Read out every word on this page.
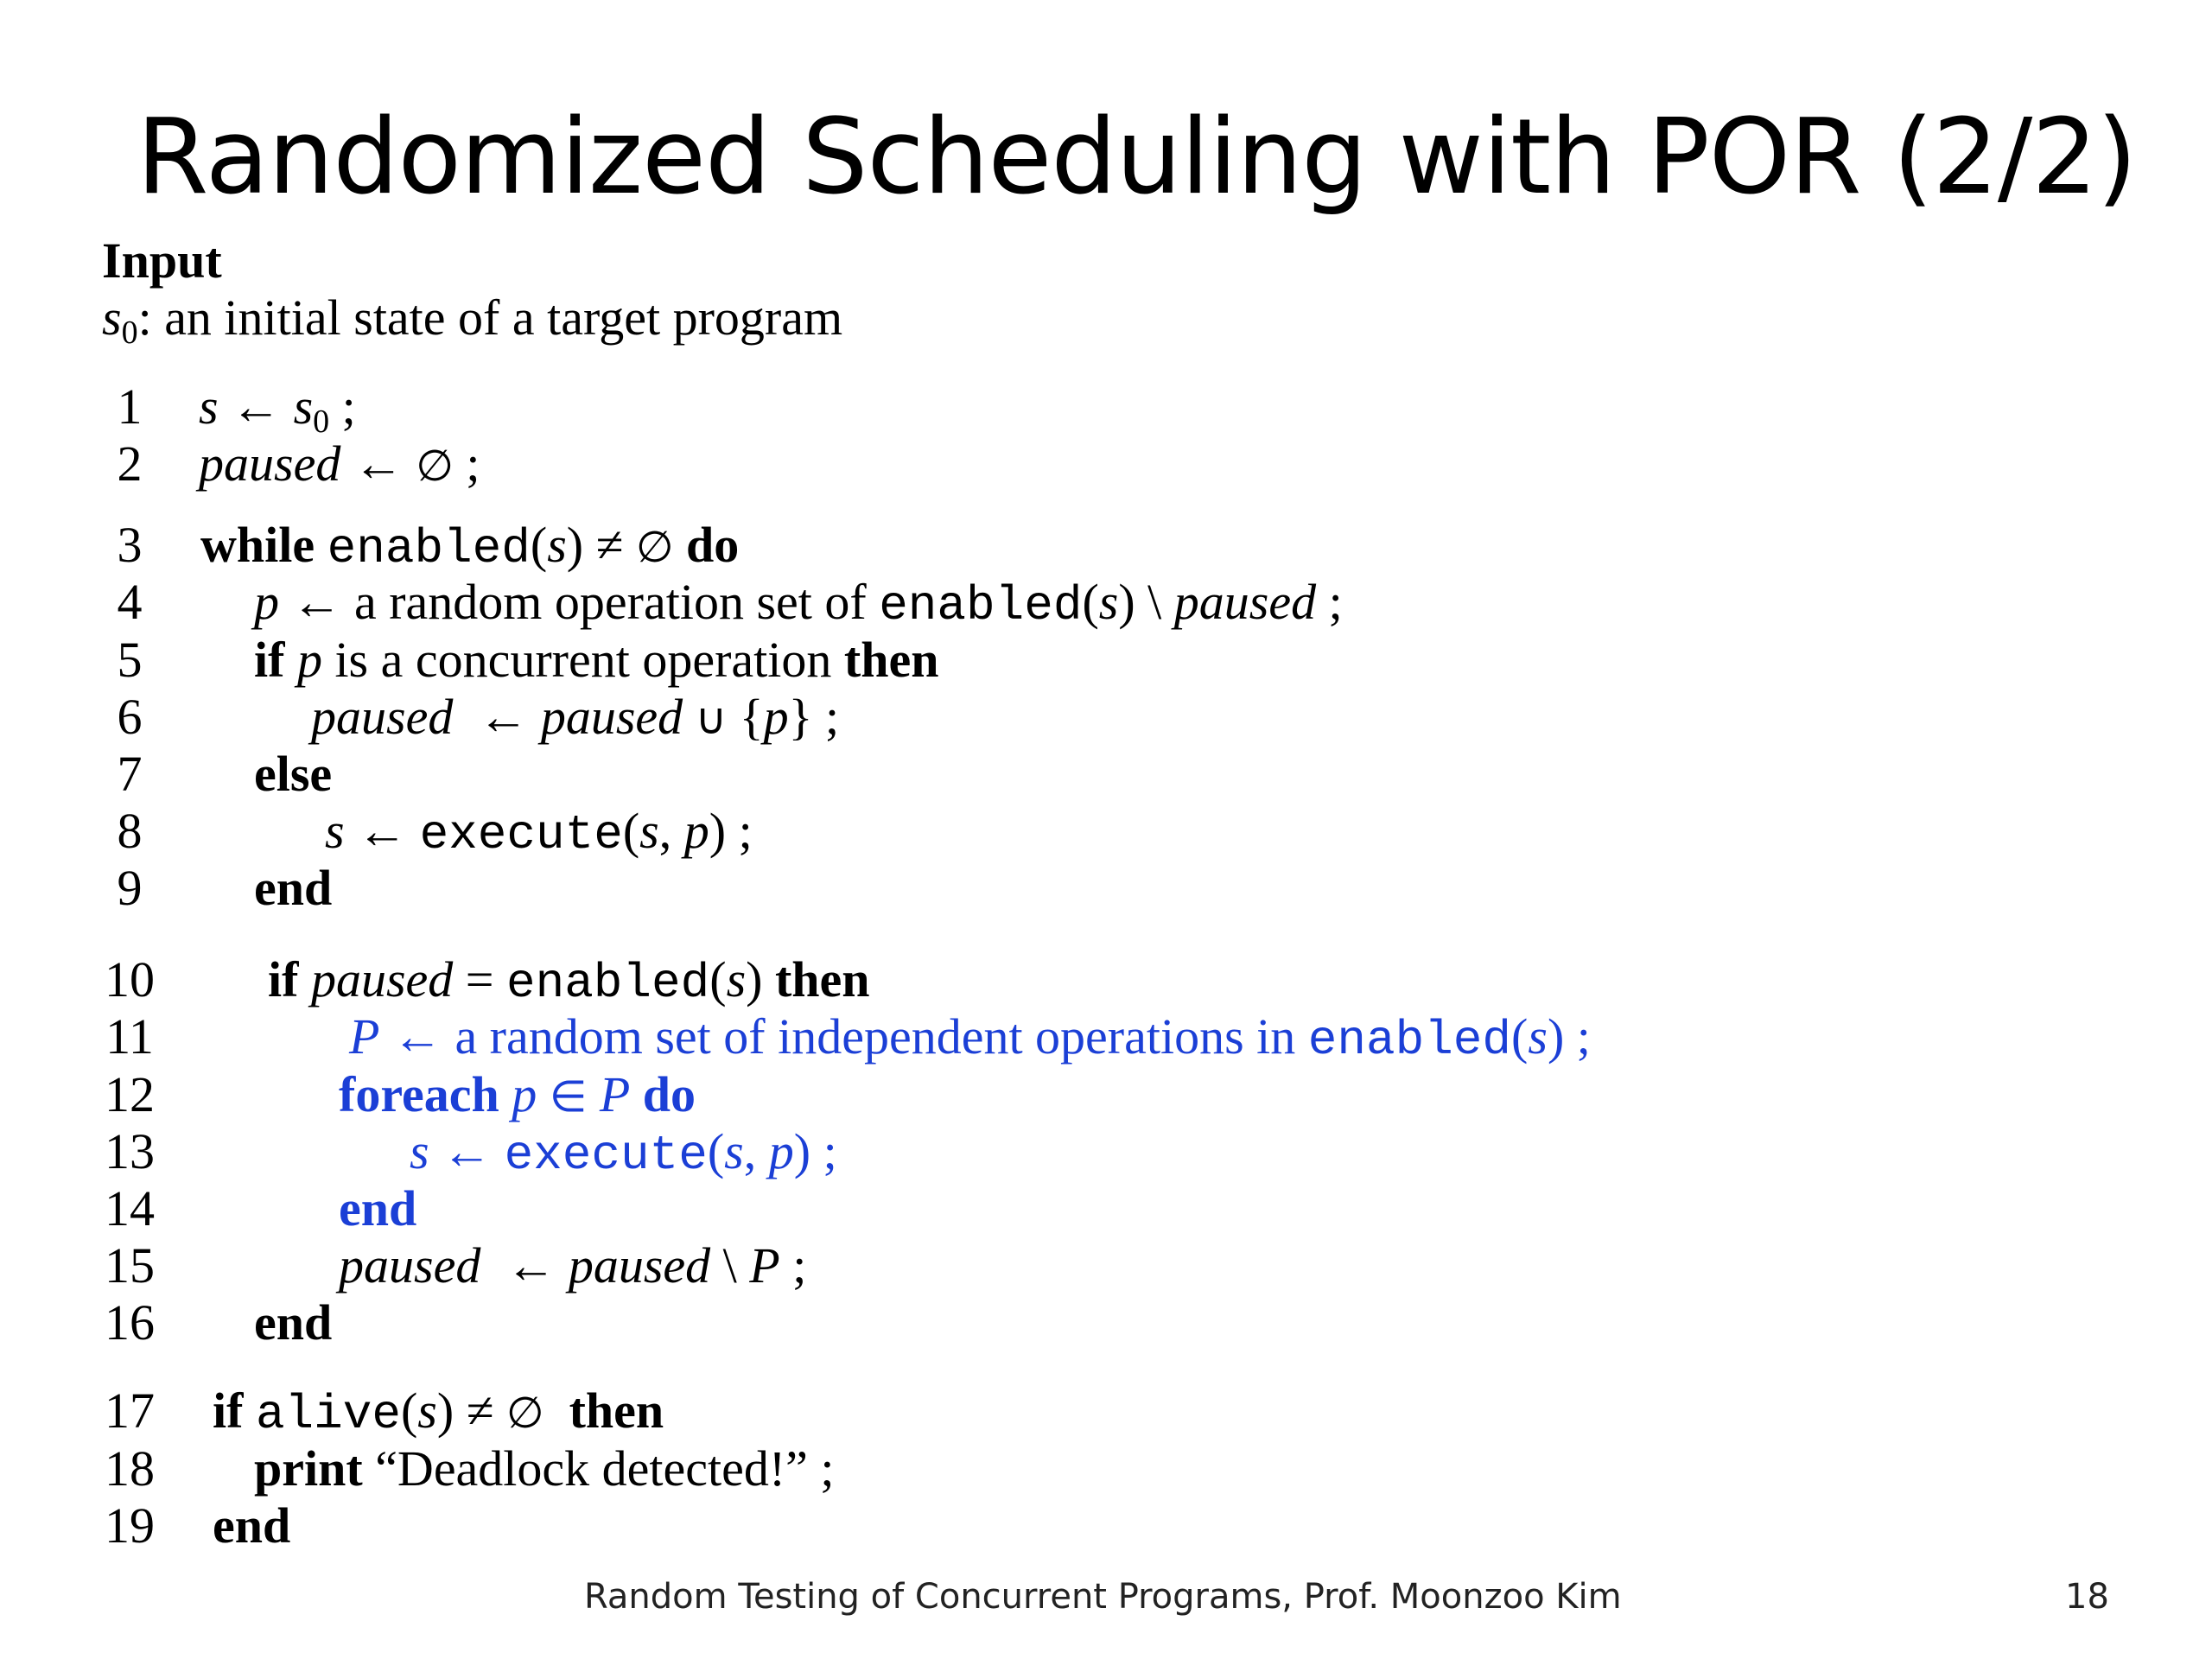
Randomized Scheduling with POR (2/2)
Input
$s_0$: an initial state of a target program
1
2
3
4
5
6
7
8
9
10
11
12
13
14
15
16
17
18
19
s ← $s_0$ ;
paused ← ∅ ;
while enabled(s) ≠ ∅ do
p ← a random operation set of enabled(s) \ paused ;
if p is a concurrent operation then
paused ← paused ∪ {p} ;
else
s ← execute(s, p) ;
end
if paused = enabled(s) then
P ← a random set of independent operations in enabled(s) ;
foreach p ∈ P do
s ← execute(s, p) ;
end
paused ← paused \ P ;
end
if alive(s) ≠ ∅ then
print “Deadlock detected!” ;
end
Random Testing of Concurrent Programs, Prof. Moonzoo Kim	18
